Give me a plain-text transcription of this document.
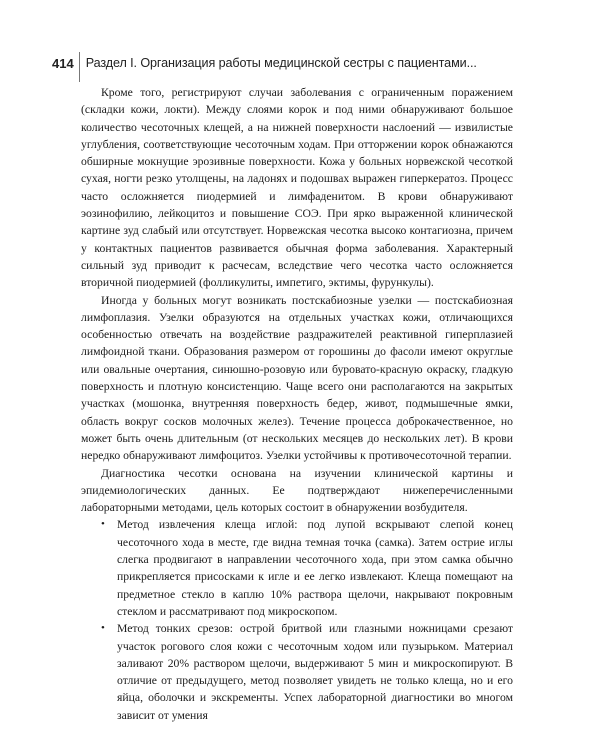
414 Раздел I. Организация работы медицинской сестры с пациентами...

Кроме того, регистрируют случаи заболевания с ограниченным поражением (складки кожи, локти). Между слоями корок и под ними обнаруживают большое количество чесоточных клещей, а на нижней поверхности наслоений — извилистые углубления, соответствующие чесоточным ходам. При отторжении корок обнажаются обширные мокнущие эрозивные поверхности. Кожа у больных норвежской чесоткой сухая, ногти резко утолщены, на ладонях и подошвах выражен гиперкератоз. Процесс часто осложняется пиодермией и лимфаденитом. В крови обнаруживают эозинофилию, лейкоцитоз и повышение СОЭ. При ярко выраженной клинической картине зуд слабый или отсутствует. Норвежская чесотка высоко контагиозна, причем у контактных пациентов развивается обычная форма заболевания. Характерный сильный зуд приводит к расчесам, вследствие чего чесотка часто осложняется вторичной пиодермией (фолликулиты, импетиго, эктимы, фурункулы).

Иногда у больных могут возникать постскабиозные узелки — постскабиозная лимфоплазия. Узелки образуются на отдельных участках кожи, отличающихся особенностью отвечать на воздействие раздражителей реактивной гиперплазией лимфоидной ткани. Образования размером от горошины до фасоли имеют округлые или овальные очертания, синюшно-розовую или буровато-красную окраску, гладкую поверхность и плотную консистенцию. Чаще всего они располагаются на закрытых участках (мошонка, внутренняя поверхность бедер, живот, подмышечные ямки, область вокруг сосков молочных желез). Течение процесса доброкачественное, но может быть очень длительным (от нескольких месяцев до нескольких лет). В крови нередко обнаруживают лимфоцитоз. Узелки устойчивы к противочесоточной терапии.

Диагностика чесотки основана на изучении клинической картины и эпидемиологических данных. Ее подтверждают нижеперечисленными лабораторными методами, цель которых состоит в обнаружении возбудителя.

• Метод извлечения клеща иглой: под лупой вскрывают слепой конец чесоточного хода в месте, где видна темная точка (самка). Затем острие иглы слегка продвигают в направлении чесоточного хода, при этом самка обычно прикрепляется присосками к игле и ее легко извлекают. Клеща помещают на предметное стекло в каплю 10% раствора щелочи, накрывают покровным стеклом и рассматривают под микроскопом.
• Метод тонких срезов: острой бритвой или глазными ножницами срезают участок рогового слоя кожи с чесоточным ходом или пузырьком. Материал заливают 20% раствором щелочи, выдерживают 5 мин и микроскопируют. В отличие от предыдущего, метод позволяет увидеть не только клеща, но и его яйца, оболочки и экскременты. Успех лабораторной диагностики во многом зависит от умения
